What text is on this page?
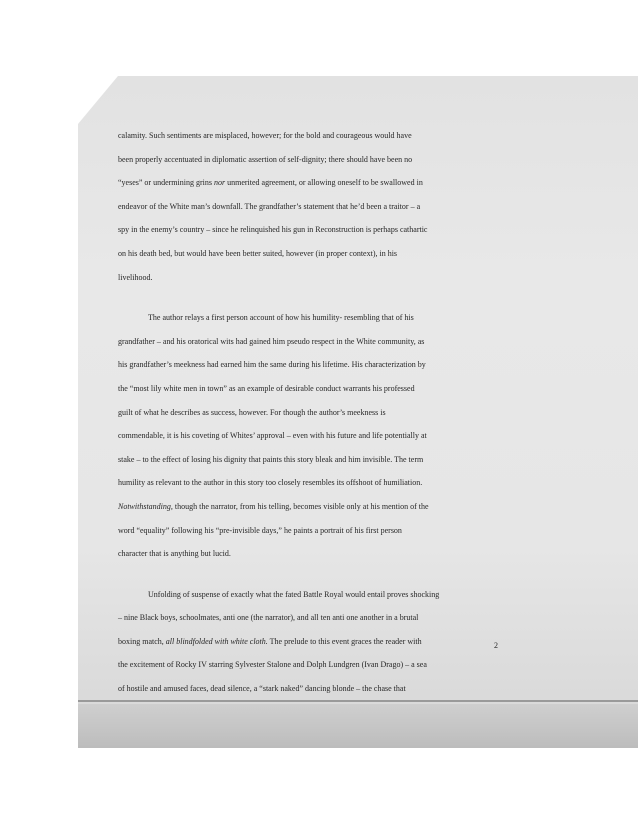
calamity. Such sentiments are misplaced, however; for the bold and courageous would have
been properly accentuated in diplomatic assertion of self-dignity; there should have been no
“yeses” or undermining grins nor unmerited agreement, or allowing oneself to be swallowed in
endeavor of the White man’s downfall. The grandfather’s statement that he’d been a traitor – a
spy in the enemy’s country – since he relinquished his gun in Reconstruction is perhaps cathartic
on his death bed, but would have been better suited, however (in proper context), in his
livelihood.
The author relays a first person account of how his humility- resembling that of his
grandfather – and his oratorical wits had gained him pseudo respect in the White community, as
his grandfather’s meekness had earned him the same during his lifetime. His characterization by
the “most lily white men in town” as an example of desirable conduct warrants his professed
guilt of what he describes as success, however. For though the author’s meekness is
commendable, it is his coveting of Whites’ approval – even with his future and life potentially at
stake – to the effect of losing his dignity that paints this story bleak and him invisible. The term
humility as relevant to the author in this story too closely resembles its offshoot of humiliation.
Notwithstanding, though the narrator, from his telling, becomes visible only at his mention of the
word “equality” following his “pre-invisible days,” he paints a portrait of his first person
character that is anything but lucid.
Unfolding of suspense of exactly what the fated Battle Royal would entail proves shocking
– nine Black boys, schoolmates, anti one (the narrator), and all ten anti one another in a brutal
boxing match, all blindfolded with white cloth. The prelude to this event graces the reader with
the excitement of Rocky IV starring Sylvester Stalone and Dolph Lundgren (Ivan Drago) – a sea
of hostile and amused faces, dead silence, a “stark naked” dancing blonde – the chase that
2
